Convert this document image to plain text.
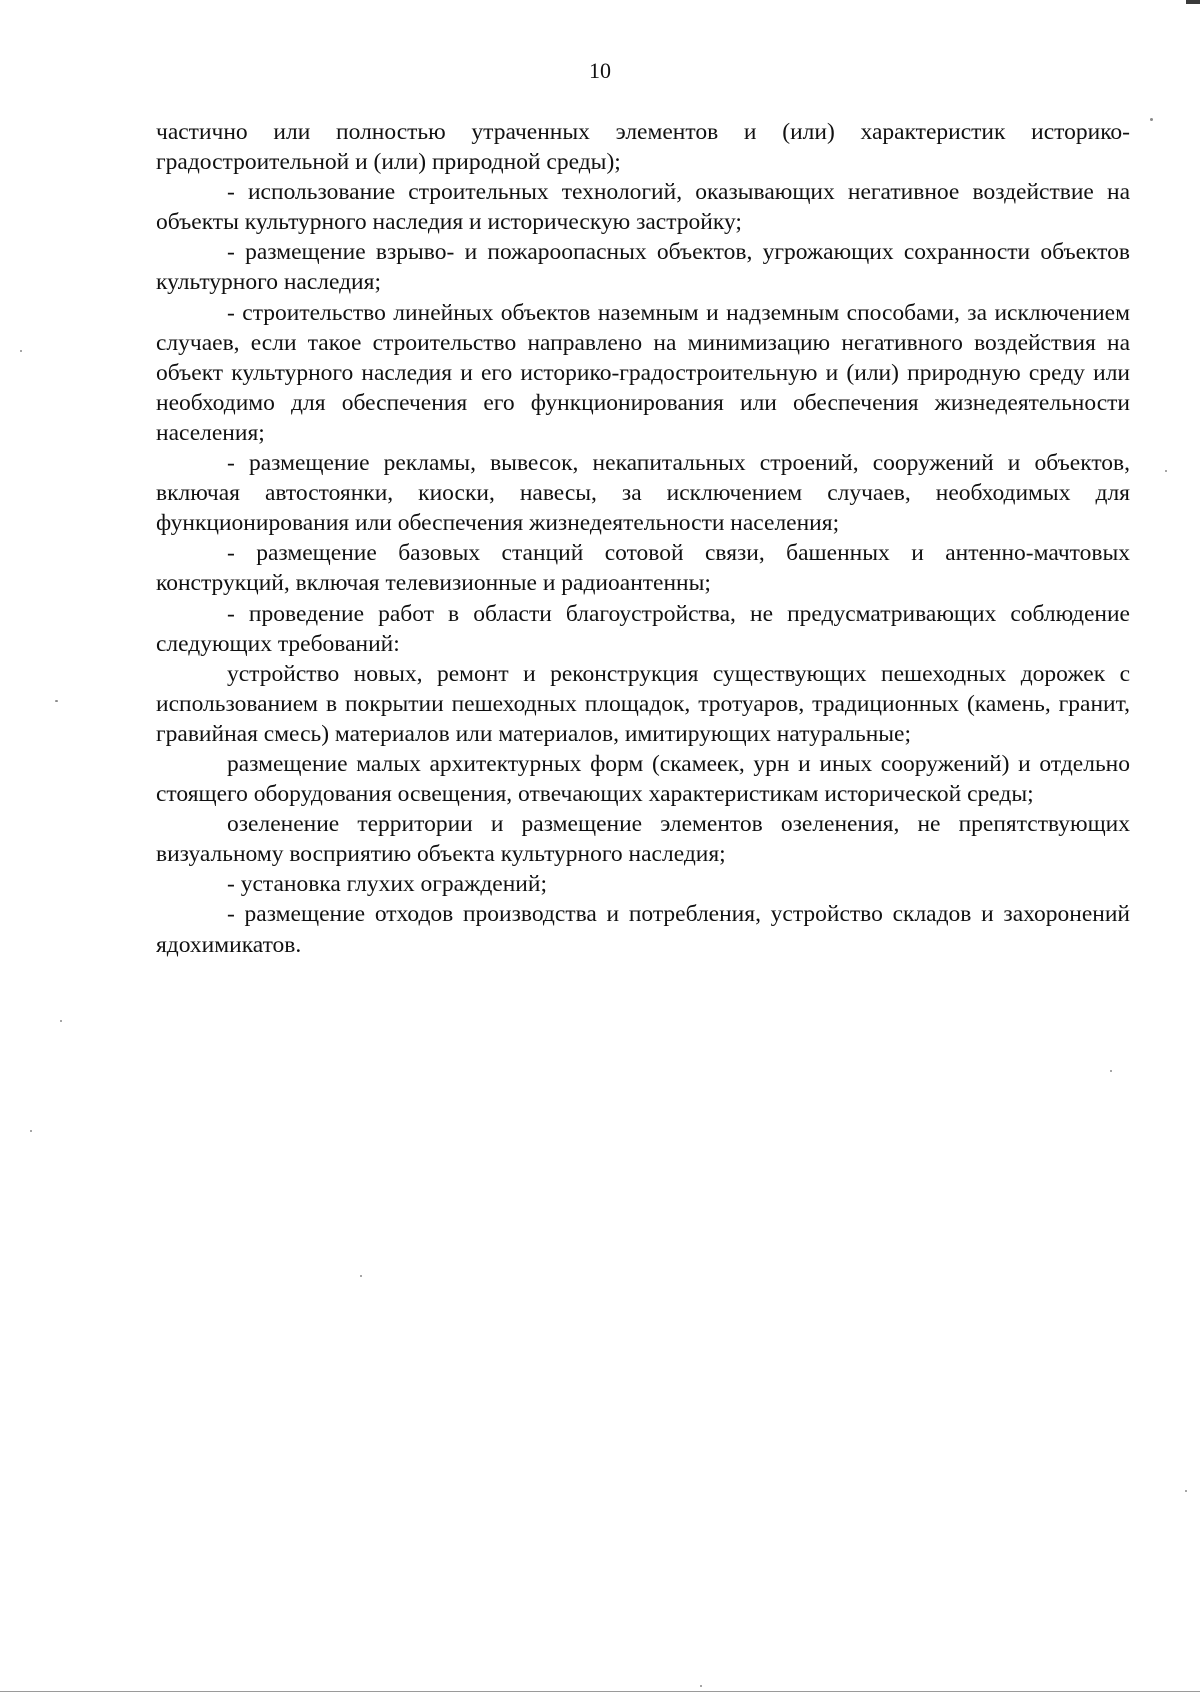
10

частично или полностью утраченных элементов и (или) характеристик историко-градостроительной и (или) природной среды);

- использование строительных технологий, оказывающих негативное воздействие на объекты культурного наследия и историческую застройку;

- размещение взрыво- и пожароопасных объектов, угрожающих сохранности объектов культурного наследия;

- строительство линейных объектов наземным и надземным способами, за исключением случаев, если такое строительство направлено на минимизацию негативного воздействия на объект культурного наследия и его историко-градостроительную и (или) природную среду или необходимо для обеспечения его функционирования или обеспечения жизнедеятельности населения;

- размещение рекламы, вывесок, некапитальных строений, сооружений и объектов, включая автостоянки, киоски, навесы, за исключением случаев, необходимых для функционирования или обеспечения жизнедеятельности населения;

- размещение базовых станций сотовой связи, башенных и антенно-мачтовых конструкций, включая телевизионные и радиоантенны;

- проведение работ в области благоустройства, не предусматривающих соблюдение следующих требований:

устройство новых, ремонт и реконструкция существующих пешеходных дорожек с использованием в покрытии пешеходных площадок, тротуаров, традиционных (камень, гранит, гравийная смесь) материалов или материалов, имитирующих натуральные;

размещение малых архитектурных форм (скамеек, урн и иных сооружений) и отдельно стоящего оборудования освещения, отвечающих характеристикам исторической среды;

озеленение территории и размещение элементов озеленения, не препятствующих визуальному восприятию объекта культурного наследия;

- установка глухих ограждений;

- размещение отходов производства и потребления, устройство складов и захоронений ядохимикатов.
